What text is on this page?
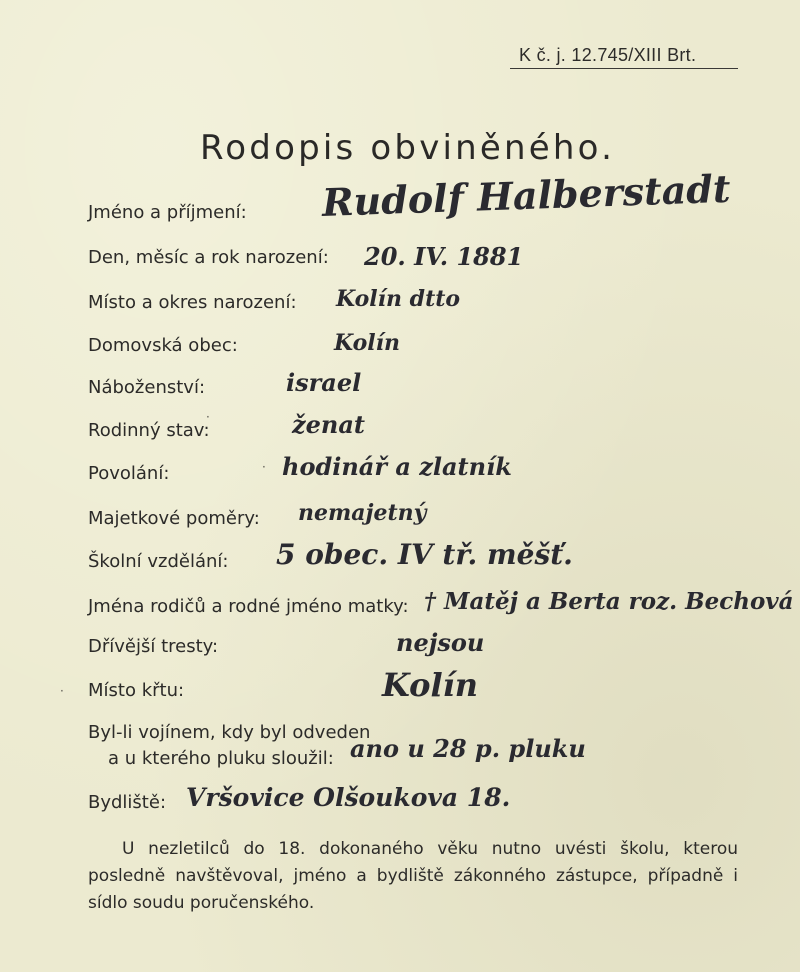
K č. j. 12.745/XIII Brt.
Rodopis obviněného.
Jméno a příjmení: Rudolf Halberstadt
Den, měsíc a rok narození: 20. IV. 1881
Místo a okres narození: Kolín dtto
Domovská obec:	Kolín
Náboženství:	israel
Rodinný stav:	ženat
Povolání:	hodinář a zlatník
Majetkové poměry: nemajetný
Školní vzdělání: 5 obec. IV tř. měšť.
Jména rodičů a rodné jméno matky: † Matěj a Berta roz. Bechová
Dřívější tresty:	nejsou
Místo křtu:	Kolín
Byl-li vojínem, kdy byl odveden
a u kterého pluku sloužil: ano u 28 p. pluku
Bydliště: Vršovice Olšoukova 18.
U nezletilců do 18. dokonaného věku nutno uvésti školu, kterou posledně navštěvoval, jméno a bydliště zákonného zástupce, případně i sídlo soudu poručenského.
·
·
·
